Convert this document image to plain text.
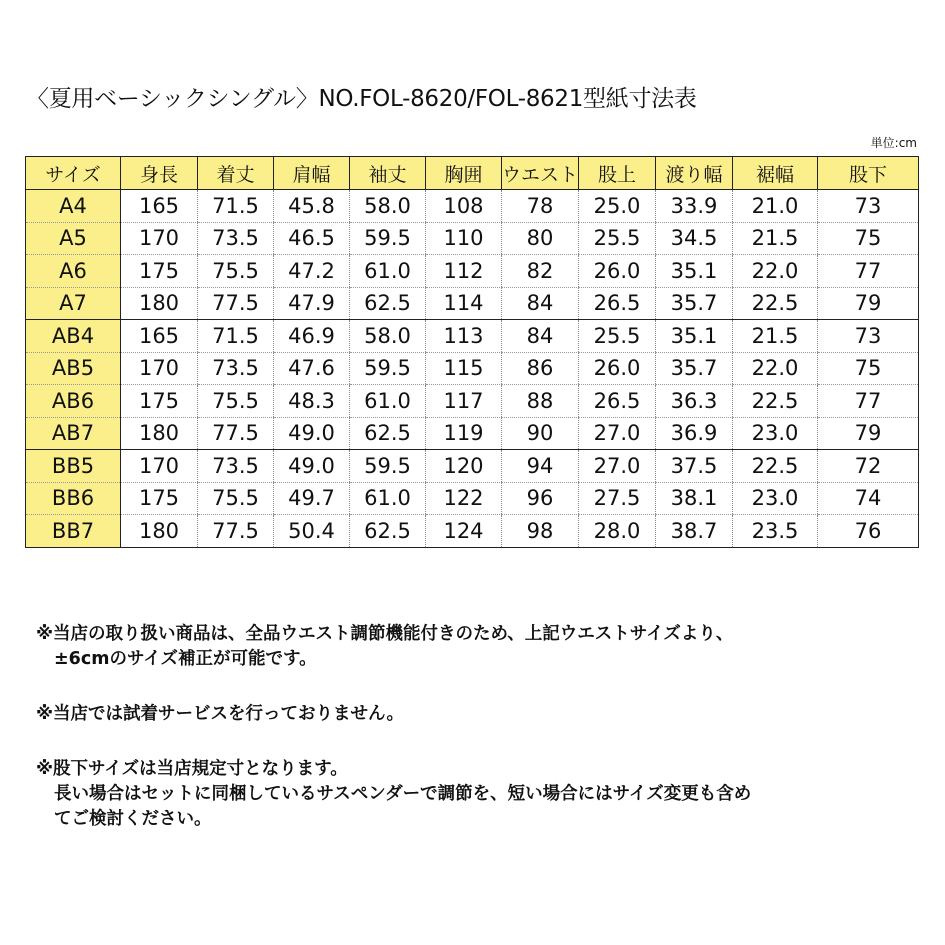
〈夏用ベーシックシングル〉NO.FOL-8620/FOL-8621型紙寸法表
単位:cm
サイズ	身長	着丈	肩幅	袖丈	胸囲	ウエスト	股上	渡り幅	裾幅	股下
A4	165	71.5	45.8	58.0	108	78	25.0	33.9	21.0	73
A5	170	73.5	46.5	59.5	110	80	25.5	34.5	21.5	75
A6	175	75.5	47.2	61.0	112	82	26.0	35.1	22.0	77
A7	180	77.5	47.9	62.5	114	84	26.5	35.7	22.5	79
AB4	165	71.5	46.9	58.0	113	84	25.5	35.1	21.5	73
AB5	170	73.5	47.6	59.5	115	86	26.0	35.7	22.0	75
AB6	175	75.5	48.3	61.0	117	88	26.5	36.3	22.5	77
AB7	180	77.5	49.0	62.5	119	90	27.0	36.9	23.0	79
BB5	170	73.5	49.0	59.5	120	94	27.0	37.5	22.5	72
BB6	175	75.5	49.7	61.0	122	96	27.5	38.1	23.0	74
BB7	180	77.5	50.4	62.5	124	98	28.0	38.7	23.5	76

※当店の取り扱い商品は、全品ウエスト調節機能付きのため、上記ウエストサイズより、
±6cmのサイズ補正が可能です。

※当店では試着サービスを行っておりません。

※股下サイズは当店規定寸となります。
長い場合はセットに同梱しているサスペンダーで調節を、短い場合にはサイズ変更も含め
てご検討ください。
